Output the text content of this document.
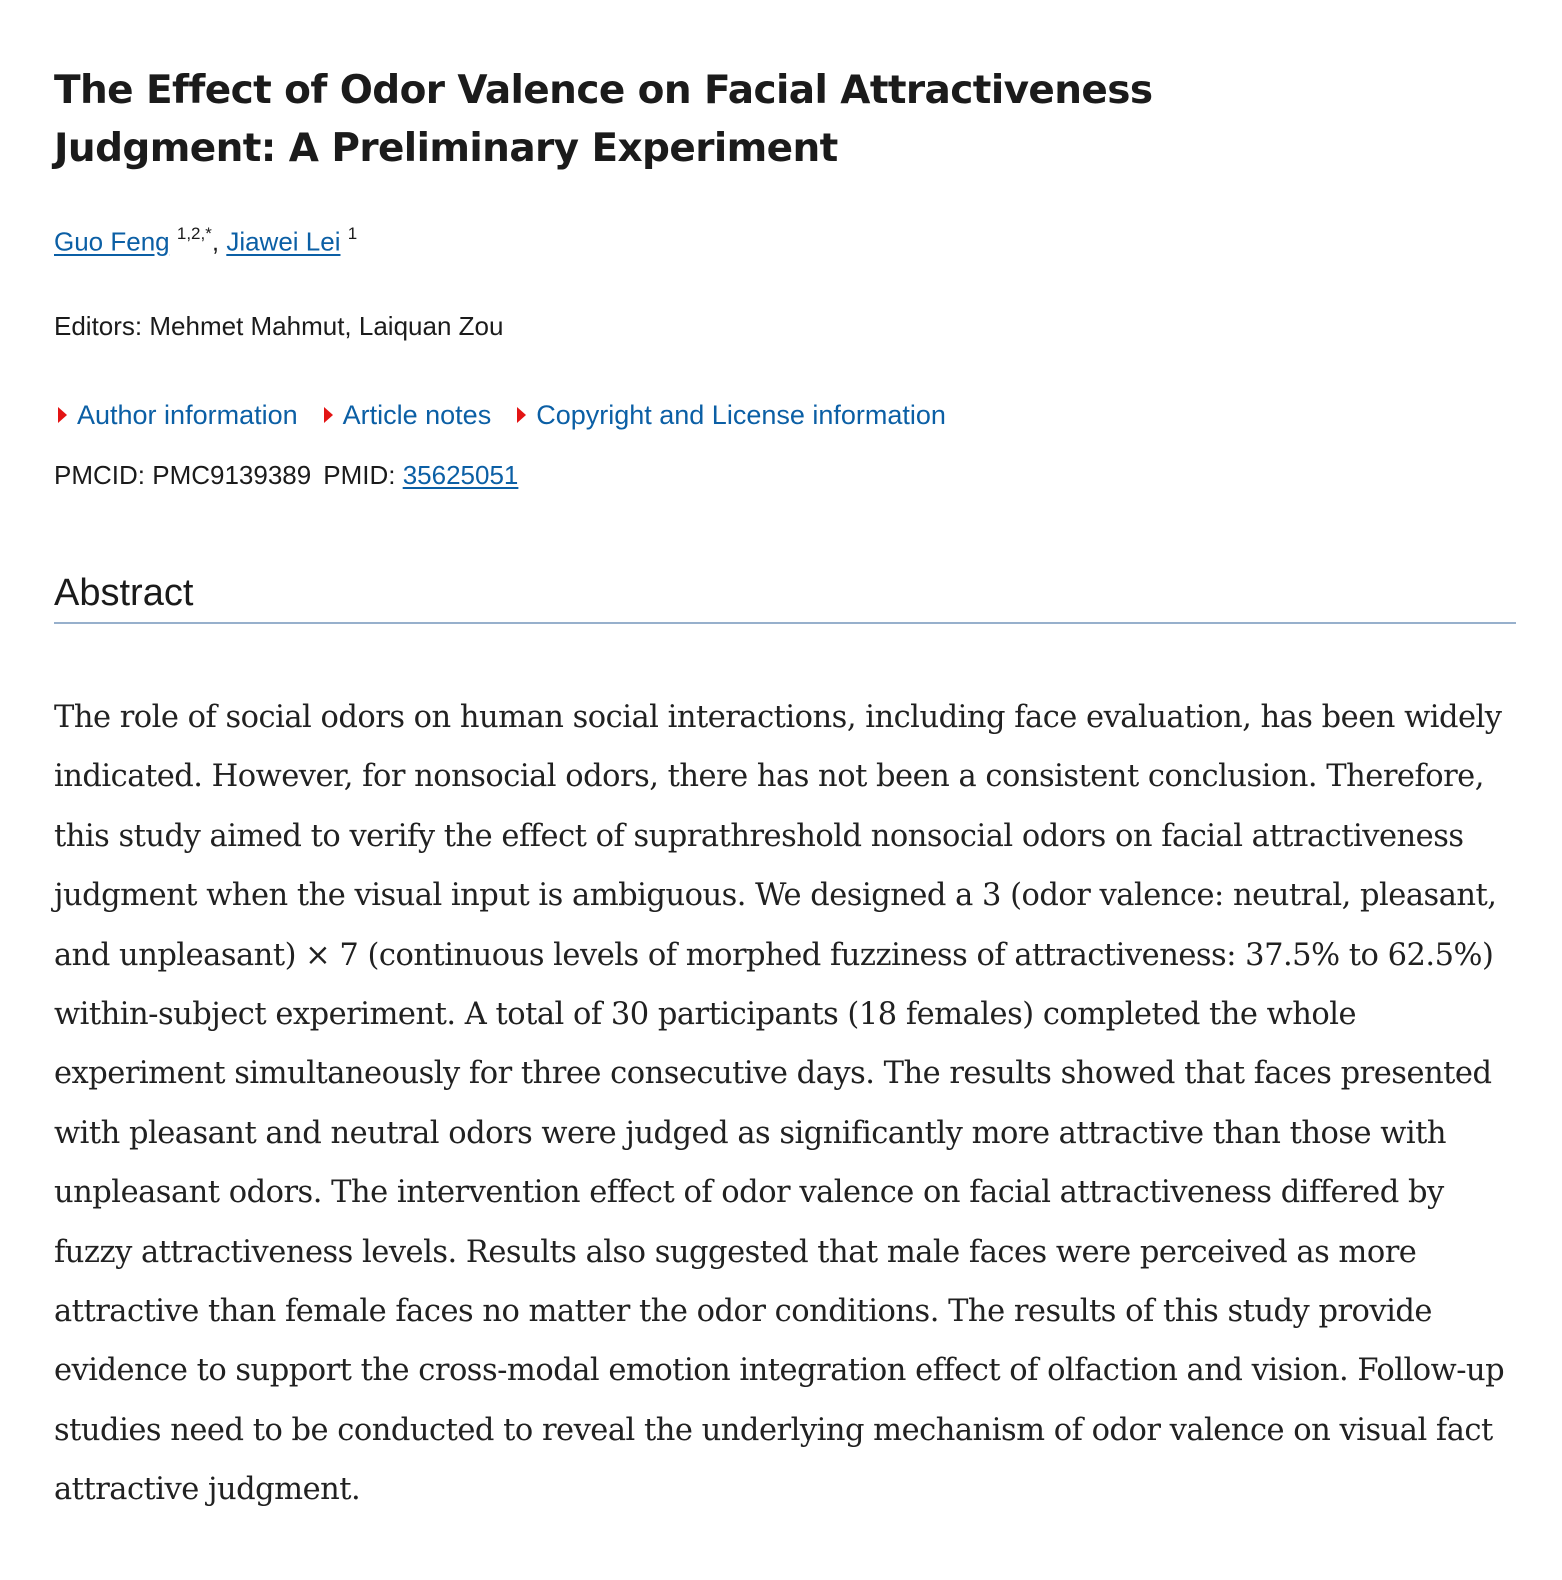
The Effect of Odor Valence on Facial Attractiveness Judgment: A Preliminary Experiment
Guo Feng $^{1,2,*}$, Jiawei Lei $^1$
Editors: Mehmet Mahmut, Laiquan Zou
Author information Article notes Copyright and License information
PMCID: PMC9139389 PMID: 35625051
Abstract

The role of social odors on human social interactions, including face evaluation, has been widely indicated. However, for nonsocial odors, there has not been a consistent conclusion. Therefore, this study aimed to verify the effect of suprathreshold nonsocial odors on facial attractiveness judgment when the visual input is ambiguous. We designed a 3 (odor valence: neutral, pleasant, and unpleasant) × 7 (continuous levels of morphed fuzziness of attractiveness: 37.5% to 62.5%) within-subject experiment. A total of 30 participants (18 females) completed the whole experiment simultaneously for three consecutive days. The results showed that faces presented with pleasant and neutral odors were judged as significantly more attractive than those with unpleasant odors. The intervention effect of odor valence on facial attractiveness differed by fuzzy attractiveness levels. Results also suggested that male faces were perceived as more attractive than female faces no matter the odor conditions. The results of this study provide evidence to support the cross-modal emotion integration effect of olfaction and vision. Follow-up studies need to be conducted to reveal the underlying mechanism of odor valence on visual fact attractive judgment.
